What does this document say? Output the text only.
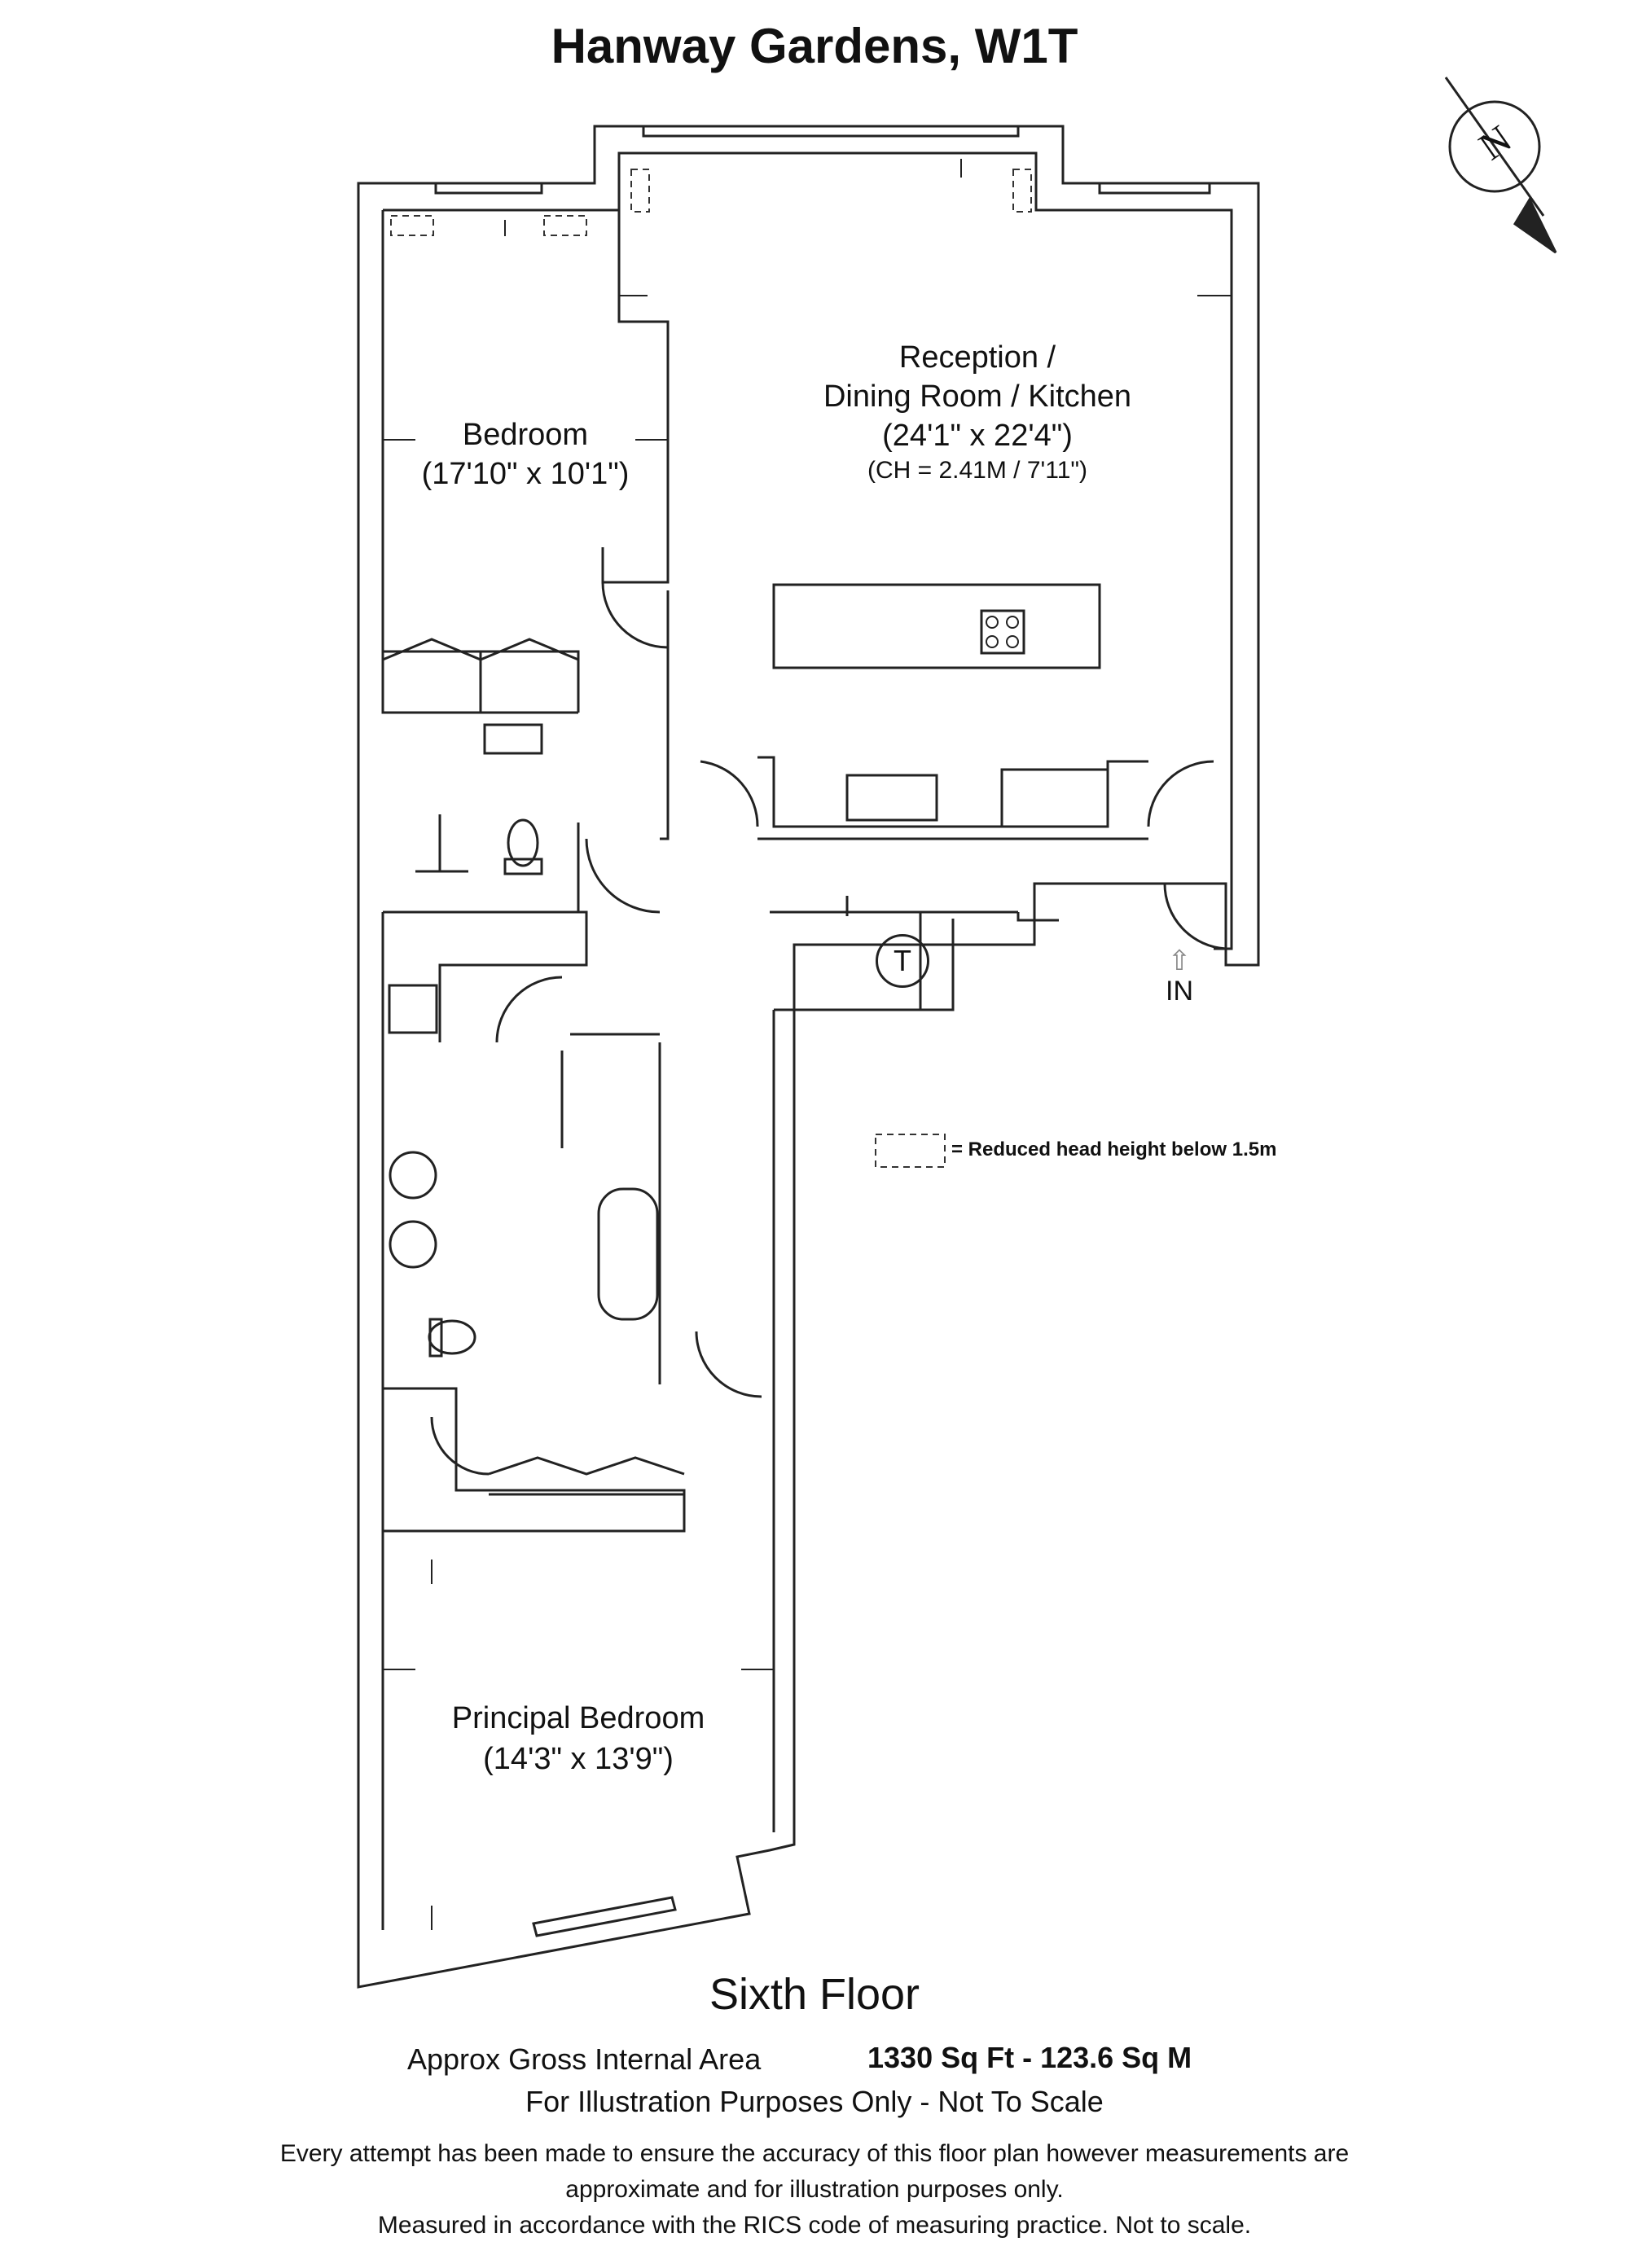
Hanway Gardens, W1T
N
Reception /
Dining Room / Kitchen
(24'1" x 22'4")
(CH = 2.41M / 7'11")
Bedroom
(17'10" x 10'1")
Principal Bedroom
(14'3" x 13'9")
T	⇧
IN
= Reduced head height below 1.5m
Sixth Floor
Approx Gross Internal Area	1330 Sq Ft - 123.6 Sq M
For Illustration Purposes Only - Not To Scale
Every attempt has been made to ensure the accuracy of this floor plan however measurements are
approximate and for illustration purposes only.
Measured in accordance with the RICS code of measuring practice. Not to scale.
